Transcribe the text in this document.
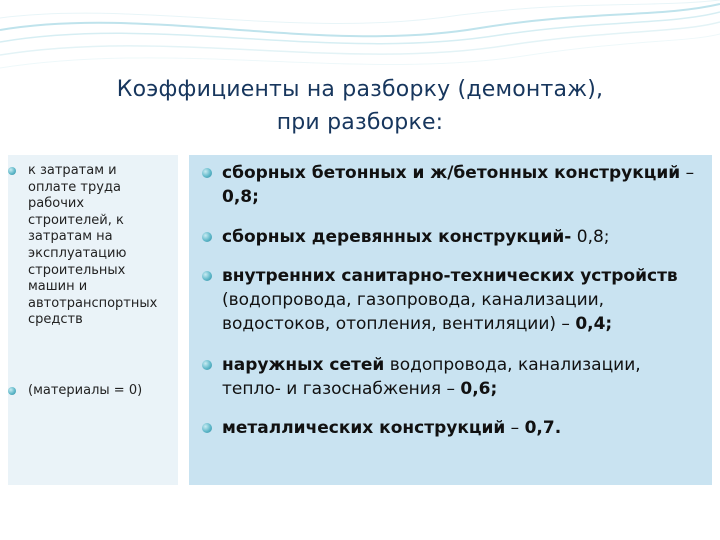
Коэффициенты на разборку (демонтаж),
при разборке:
к затратам и оплате труда рабочих строителей, к затратам на эксплуатацию строительных машин и автотранспортных средств
(материалы = 0)
сборных бетонных и ж/бетонных конструкций – 0,8;
сборных деревянных конструкций- 0,8;
внутренних санитарно-технических устройств (водопровода, газопровода, канализации, водостоков, отопления, вентиляции) – 0,4;
наружных сетей водопровода, канализации, тепло- и газоснабжения – 0,6;
металлических конструкций – 0,7.
